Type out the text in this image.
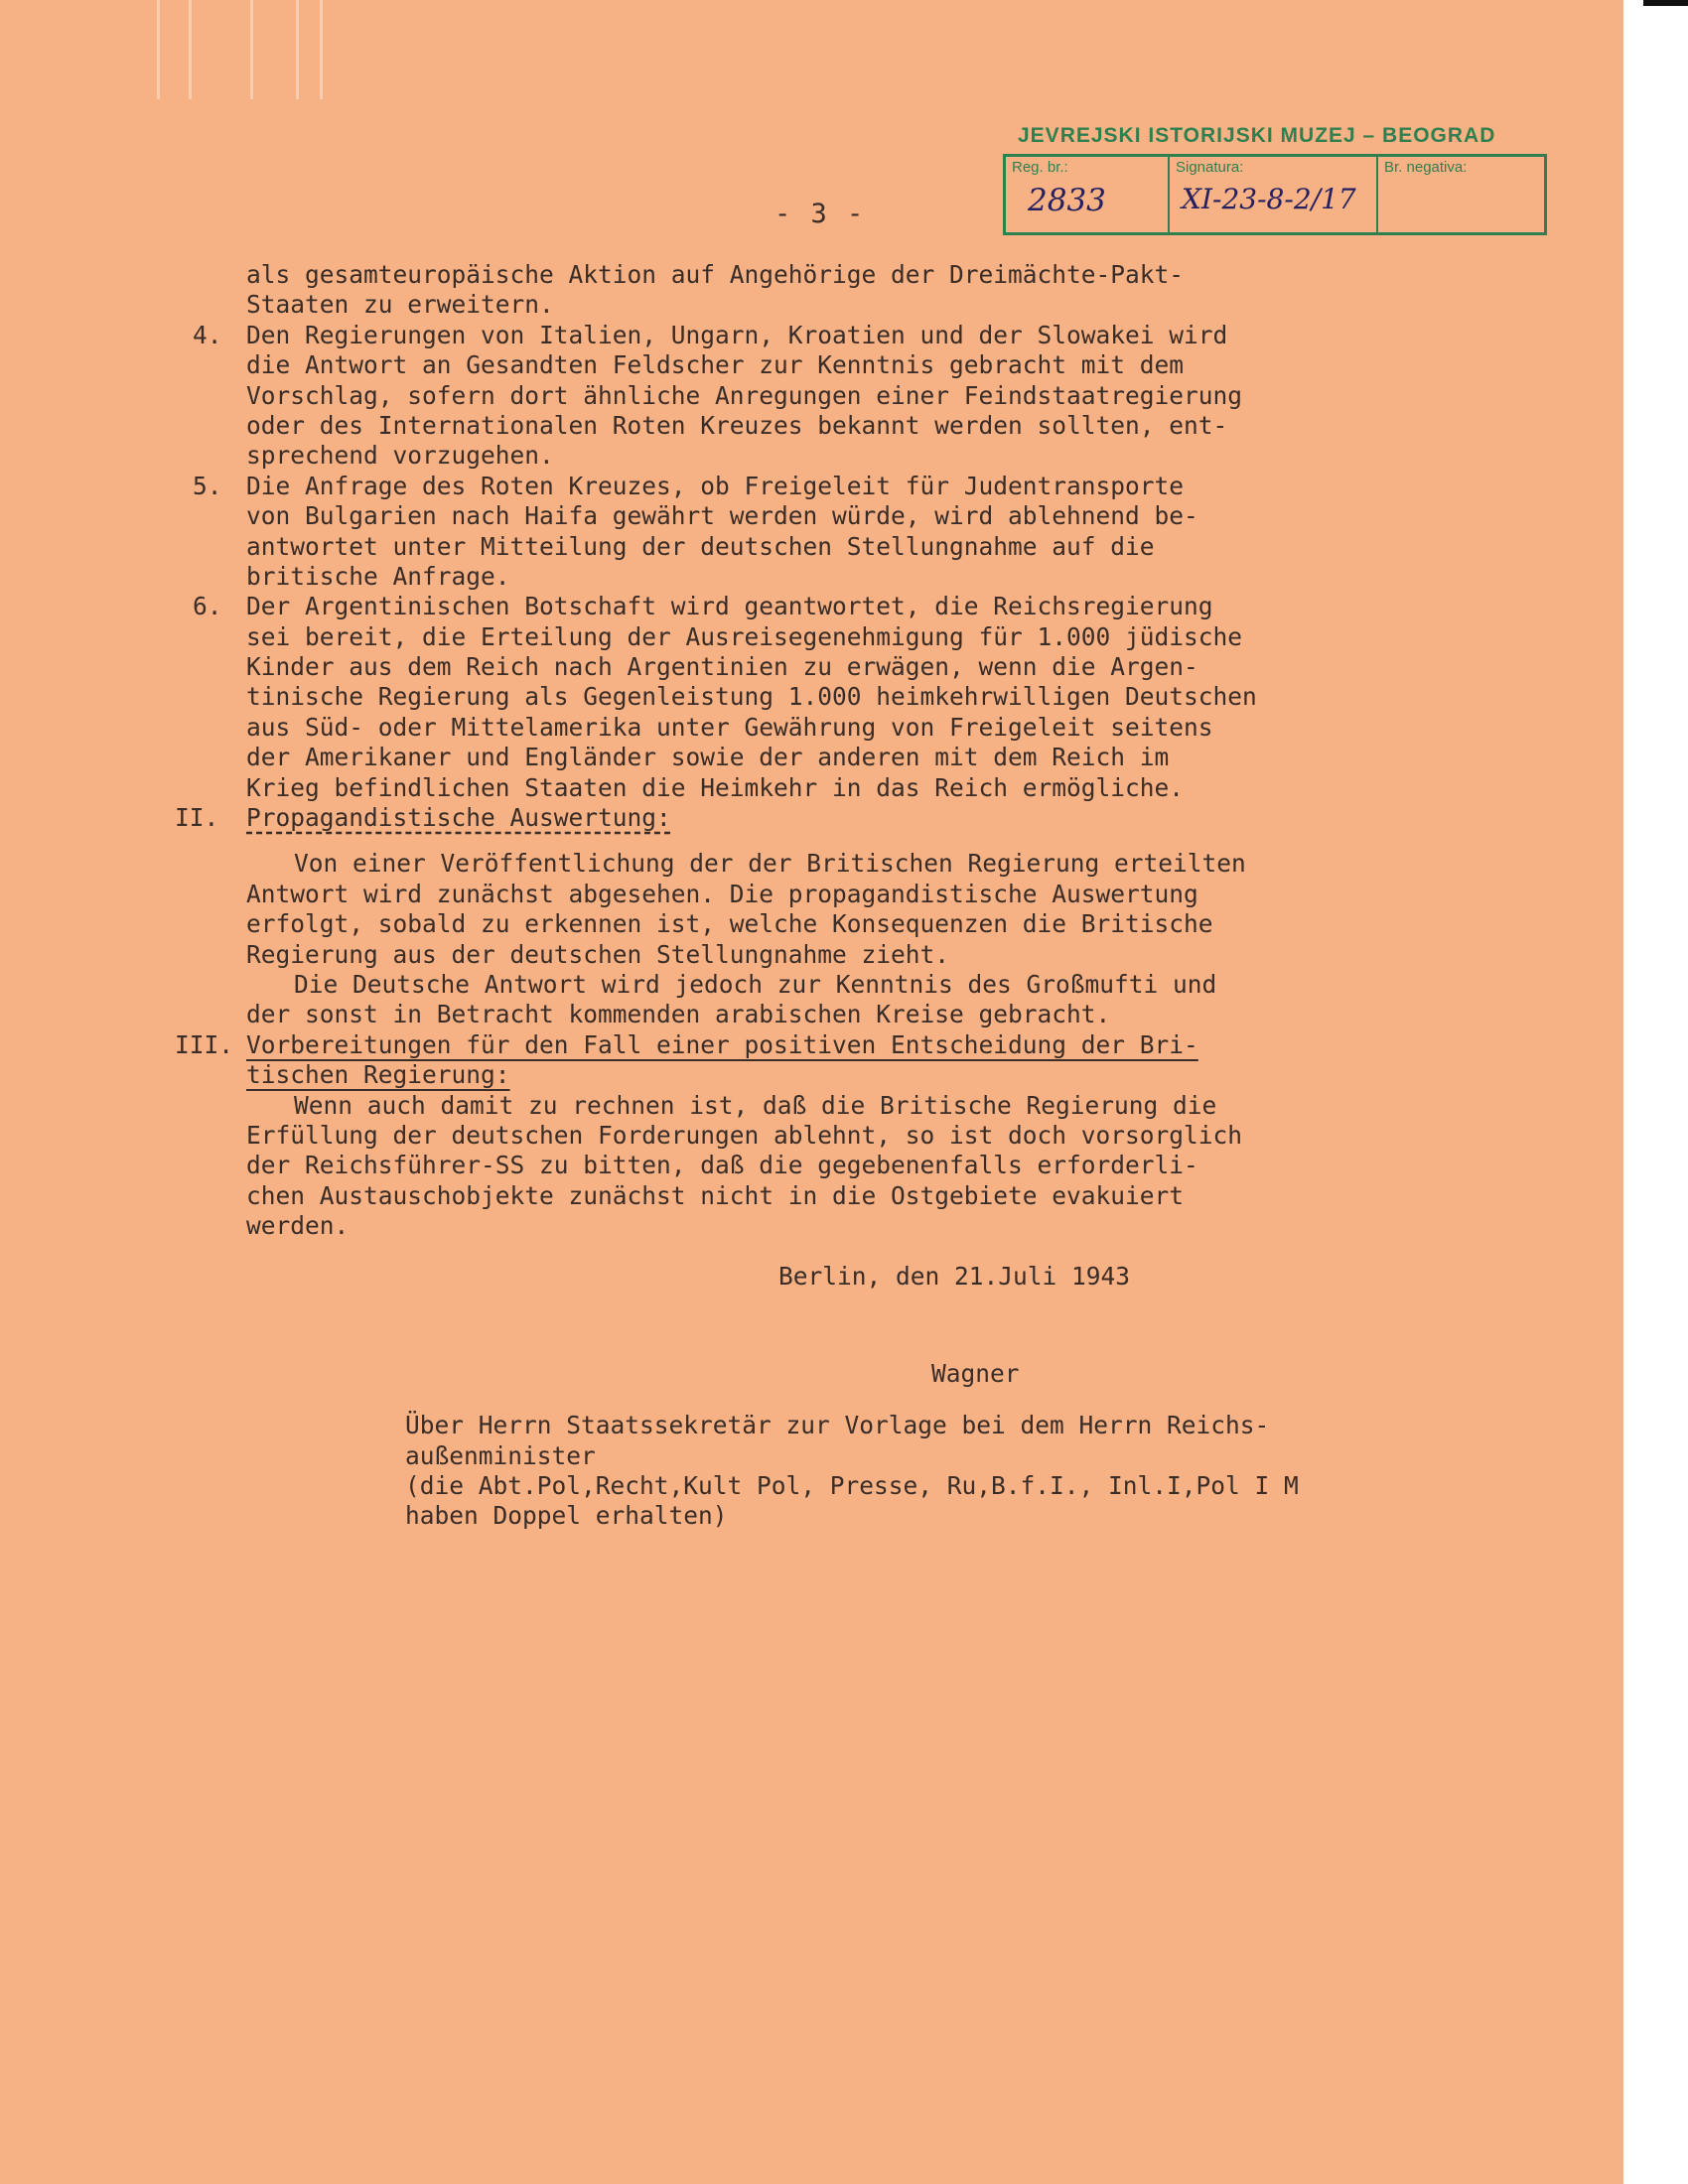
JEVREJSKI ISTORIJSKI MUZEJ – BEOGRAD
Reg. br.:
2833
Signatura:
XI-23-8-2/17
Br. negativa:
- 3 -
als gesamteuropäische Aktion auf Angehörige der Dreimächte-Pakt-
Staaten zu erweitern.
4. Den Regierungen von Italien, Ungarn, Kroatien und der Slowakei wird
die Antwort an Gesandten Feldscher zur Kenntnis gebracht mit dem
Vorschlag, sofern dort ähnliche Anregungen einer Feindstaatregierung
oder des Internationalen Roten Kreuzes bekannt werden sollten, ent-
sprechend vorzugehen.
5. Die Anfrage des Roten Kreuzes, ob Freigeleit für Judentransporte
von Bulgarien nach Haifa gewährt werden würde, wird ablehnend be-
antwortet unter Mitteilung der deutschen Stellungnahme auf die
britische Anfrage.
6. Der Argentinischen Botschaft wird geantwortet, die Reichsregierung
sei bereit, die Erteilung der Ausreisegenehmigung für 1.000 jüdische
Kinder aus dem Reich nach Argentinien zu erwägen, wenn die Argen-
tinische Regierung als Gegenleistung 1.000 heimkehrwilligen Deutschen
aus Süd- oder Mittelamerika unter Gewährung von Freigeleit seitens
der Amerikaner und Engländer sowie der anderen mit dem Reich im
Krieg befindlichen Staaten die Heimkehr in das Reich ermögliche.
II. Propagandistische Auswertung:
Von einer Veröffentlichung der der Britischen Regierung erteilten
Antwort wird zunächst abgesehen. Die propagandistische Auswertung
erfolgt, sobald zu erkennen ist, welche Konsequenzen die Britische
Regierung aus der deutschen Stellungnahme zieht.
Die Deutsche Antwort wird jedoch zur Kenntnis des Großmufti und
der sonst in Betracht kommenden arabischen Kreise gebracht.
III. Vorbereitungen für den Fall einer positiven Entscheidung der Bri-
tischen Regierung:
Wenn auch damit zu rechnen ist, daß die Britische Regierung die
Erfüllung der deutschen Forderungen ablehnt, so ist doch vorsorglich
der Reichsführer-SS zu bitten, daß die gegebenenfalls erforderli-
chen Austauschobjekte zunächst nicht in die Ostgebiete evakuiert
werden.
Berlin, den 21.Juli 1943
Wagner
Über Herrn Staatssekretär zur Vorlage bei dem Herrn Reichs-
außenminister
(die Abt.Pol,Recht,Kult Pol, Presse, Ru,B.f.I., Inl.I,Pol I M
haben Doppel erhalten)
